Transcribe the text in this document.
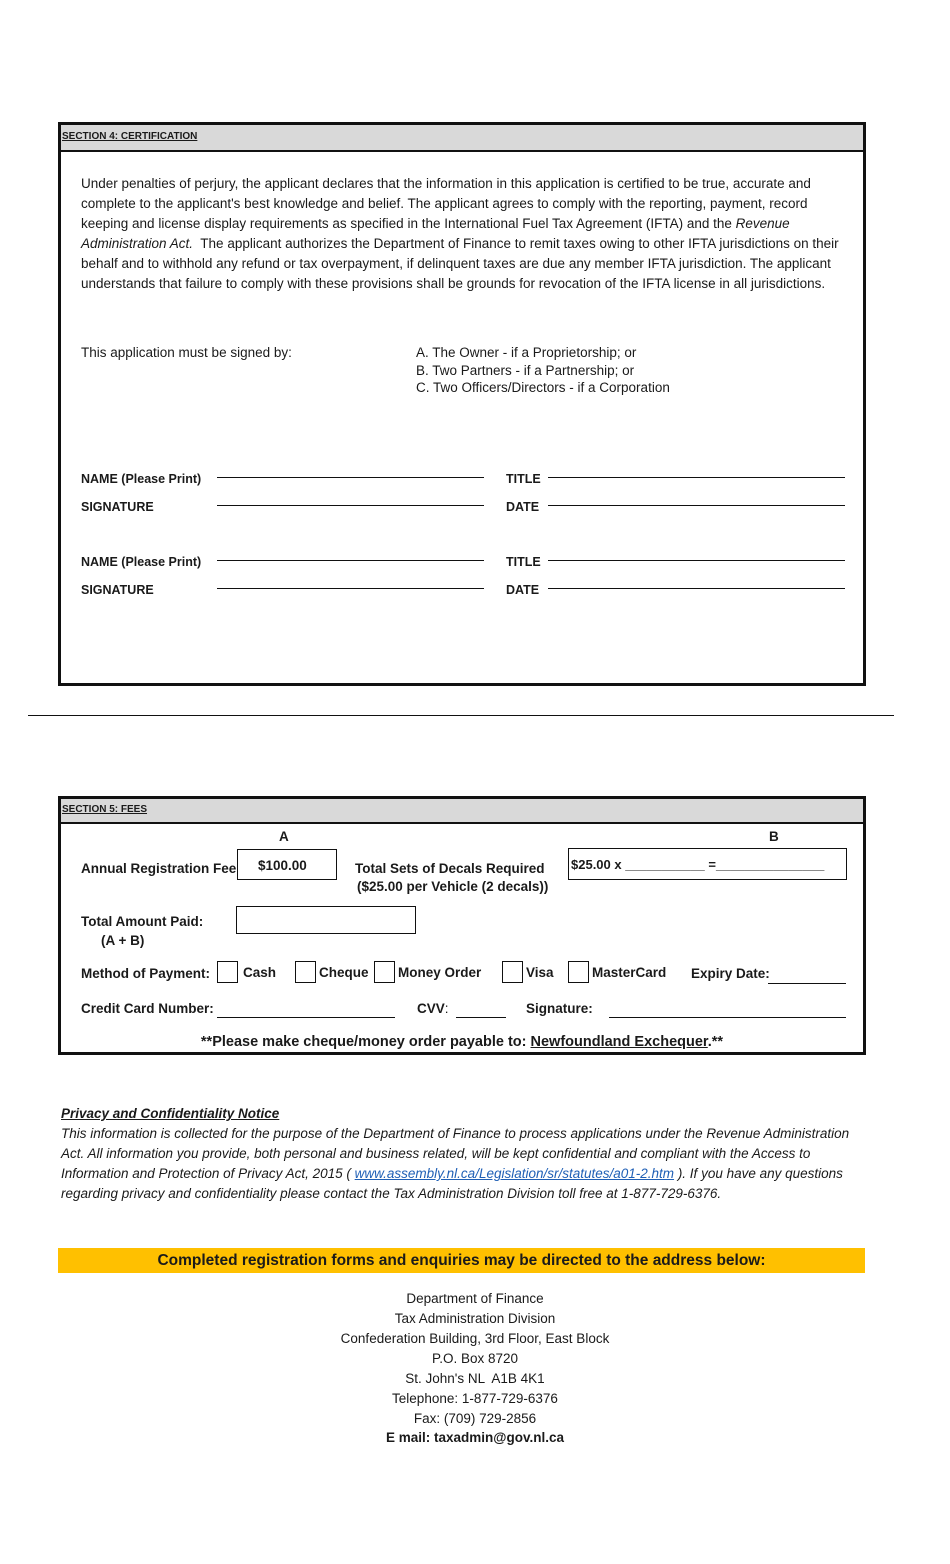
SECTION 4: CERTIFICATION

Under penalties of perjury, the applicant declares that the information in this application is certified to be true, accurate and complete to the applicant's best knowledge and belief. The applicant agrees to comply with the reporting, payment, record keeping and license display requirements as specified in the International Fuel Tax Agreement (IFTA) and the Revenue Administration Act.  The applicant authorizes the Department of Finance to remit taxes owing to other IFTA jurisdictions on their behalf and to withhold any refund or tax overpayment, if delinquent taxes are due any member IFTA jurisdiction. The applicant understands that failure to comply with these provisions shall be grounds for revocation of the IFTA license in all jurisdictions.

This application must be signed by:	A. The Owner - if a Proprietorship; or
B. Two Partners - if a Partnership; or
C. Two Officers/Directors - if a Corporation
NAME (Please Print)	TITLE
SIGNATURE	DATE
NAME (Please Print)	TITLE
SIGNATURE	DATE
SECTION 5: FEES
A	B
Annual Registration Fee $100.00	Total Sets of Decals Required
($25.00 per Vehicle (2 decals))
$25.00 x ___________ =_______________
Total Amount Paid:
(A + B)
Method of Payment: Cash	Cheque Money Order	Visa	MasterCard Expiry Date:
Credit Card Number:	CVV:	Signature:
**Please make cheque/money order payable to: Newfoundland Exchequer.**
Privacy and Confidentiality Notice
This information is collected for the purpose of the Department of Finance to process applications under the Revenue Administration Act. All information you provide, both personal and business related, will be kept confidential and compliant with the Access to Information and Protection of Privacy Act, 2015 ( www.assembly.nl.ca/Legislation/sr/statutes/a01-2.htm ). If you have any questions regarding privacy and confidentiality please contact the Tax Administration Division toll free at 1-877-729-6376.
Completed registration forms and enquiries may be directed to the address below:
Department of Finance
Tax Administration Division
Confederation Building, 3rd Floor, East Block
P.O. Box 8720
St. John's NL  A1B 4K1
Telephone: 1-877-729-6376
Fax: (709) 729-2856
E mail: taxadmin@gov.nl.ca
